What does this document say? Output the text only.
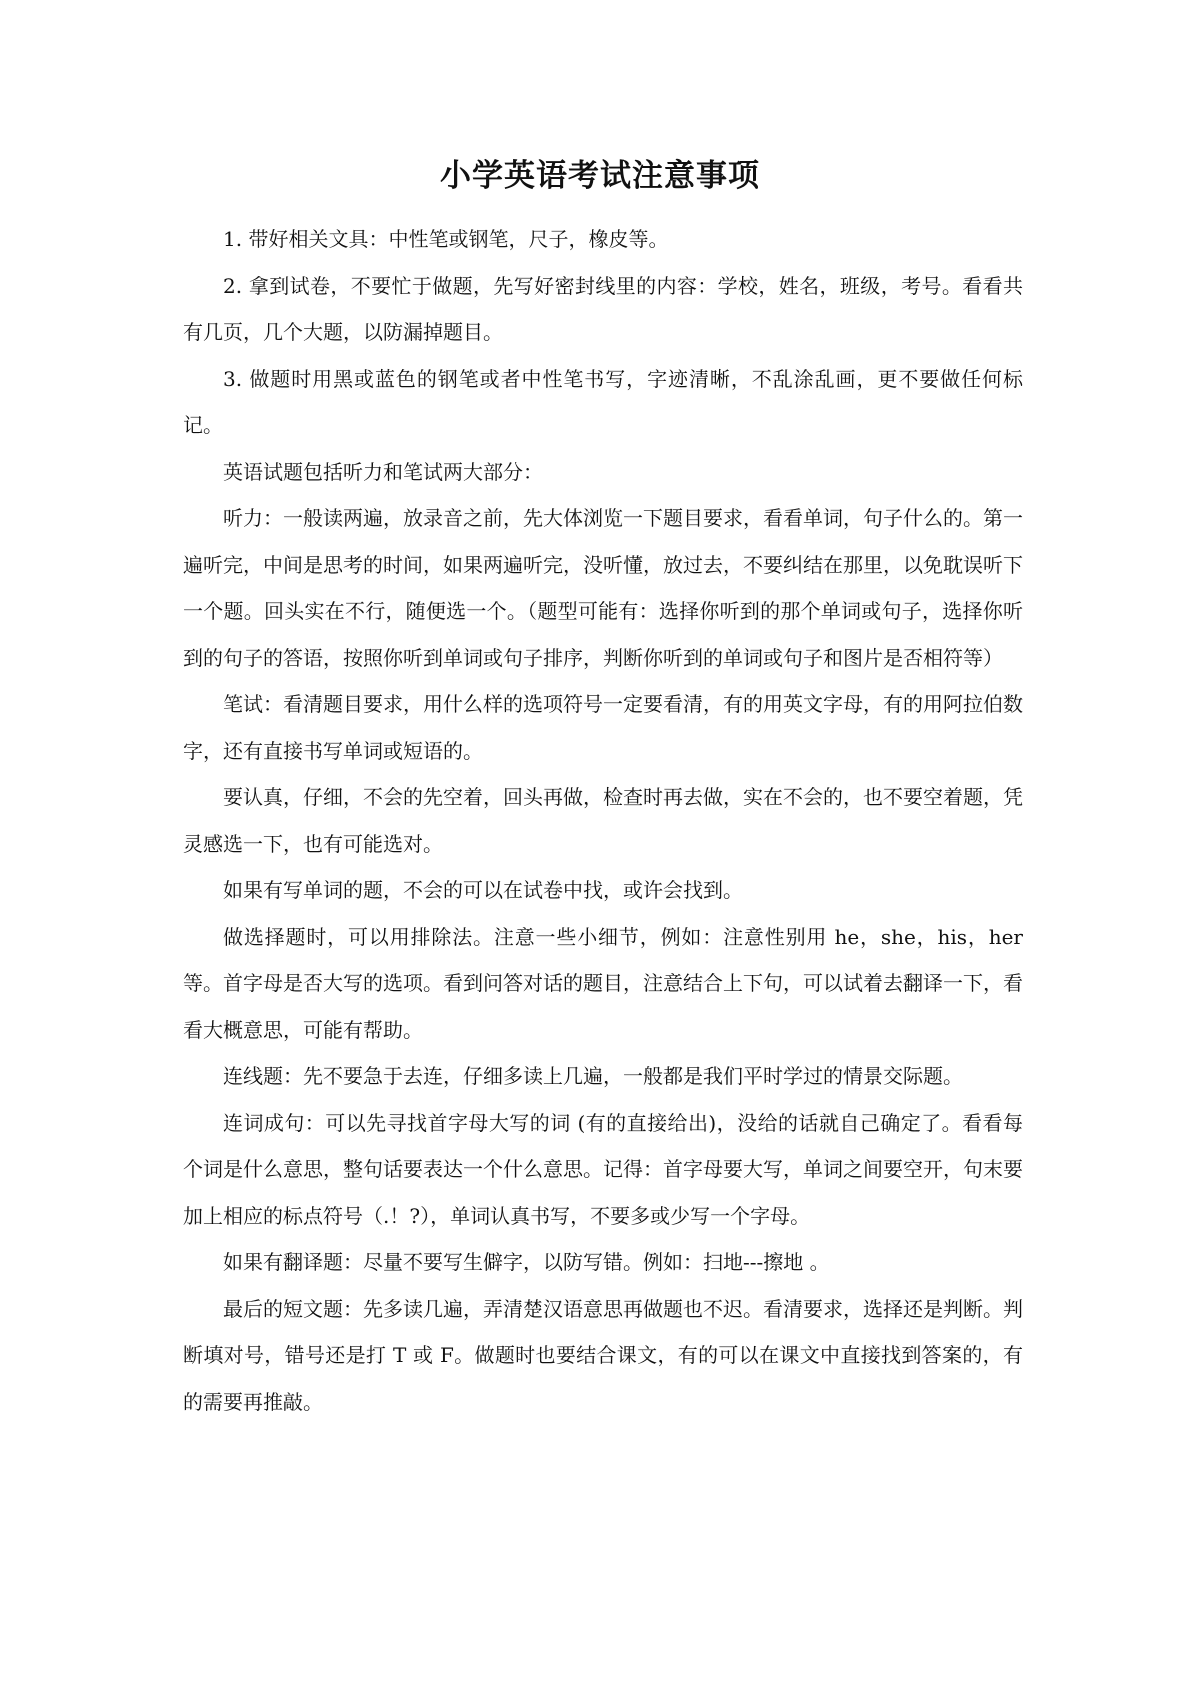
小学英语考试注意事项

1. 带好相关文具：中性笔或钢笔，尺子，橡皮等。

2. 拿到试卷，不要忙于做题，先写好密封线里的内容：学校，姓名，班级，考号。看看共有几页，几个大题，以防漏掉题目。

3. 做题时用黑或蓝色的钢笔或者中性笔书写，字迹清晰，不乱涂乱画，更不要做任何标记。

英语试题包括听力和笔试两大部分：

听力：一般读两遍，放录音之前，先大体浏览一下题目要求，看看单词，句子什么的。第一遍听完，中间是思考的时间，如果两遍听完，没听懂，放过去，不要纠结在那里，以免耽误听下一个题。回头实在不行，随便选一个。（题型可能有：选择你听到的那个单词或句子，选择你听到的句子的答语，按照你听到单词或句子排序，判断你听到的单词或句子和图片是否相符等）

笔试：看清题目要求，用什么样的选项符号一定要看清，有的用英文字母，有的用阿拉伯数字，还有直接书写单词或短语的。

要认真，仔细，不会的先空着，回头再做，检查时再去做，实在不会的，也不要空着题，凭灵感选一下，也有可能选对。

如果有写单词的题，不会的可以在试卷中找，或许会找到。

做选择题时，可以用排除法。注意一些小细节，例如：注意性别用 he，she，his，her 等。首字母是否大写的选项。看到问答对话的题目，注意结合上下句，可以试着去翻译一下，看看大概意思，可能有帮助。

连线题：先不要急于去连，仔细多读上几遍，一般都是我们平时学过的情景交际题。

连词成句：可以先寻找首字母大写的词 (有的直接给出)，没给的话就自己确定了。看看每个词是什么意思，整句话要表达一个什么意思。记得：首字母要大写，单词之间要空开，句末要加上相应的标点符号（.！?），单词认真书写，不要多或少写一个字母。

如果有翻译题：尽量不要写生僻字，以防写错。例如：扫地---擦地 。

最后的短文题：先多读几遍，弄清楚汉语意思再做题也不迟。看清要求，选择还是判断。判断填对号，错号还是打 T 或 F。做题时也要结合课文，有的可以在课文中直接找到答案的，有的需要再推敲。
